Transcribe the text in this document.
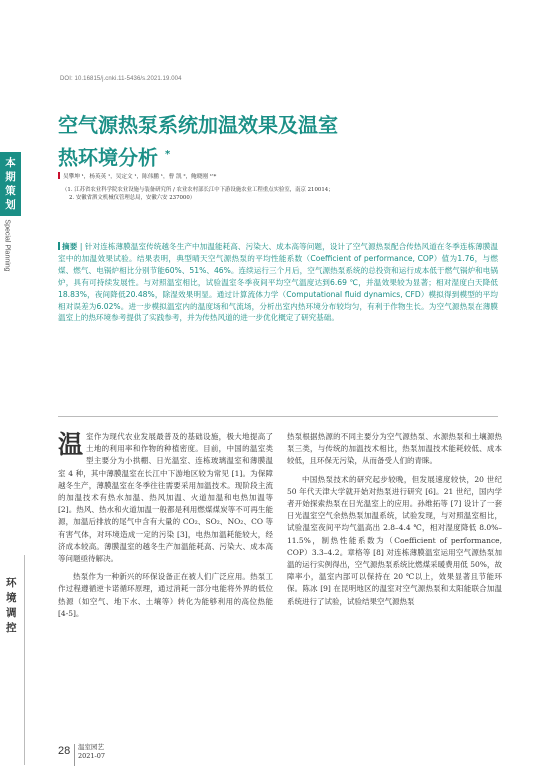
DOI: 10.16815/j.cnki.11-5436/s.2021.19.004
空气源热泵系统加温效果及温室
热环境分析 *
吴攀坤 ¹，杨英英 ¹，吴定文 ¹，陈伟鹏 ¹，曹 凯 ²，鲍晓刚 ¹'*
（1. 江苏省农业科学院农业设施与装备研究所 / 农业农村部长江中下游设施农业工程重点实验室，南京 210014；
2. 安徽省泗文机械仪管理总局，安徽六安 237000）
本期策划
Special Planning
环境调控
摘要 | 针对连栋薄膜温室传统越冬生产中加温能耗高、污染大、成本高等问题，设计了空气源热泵配合传热风道在冬季连栋薄膜温室中的加温效果试验。结果表明，典型晴天空气源热泵的平均性能系数（Coefficient of performance, COP）值为1.76，与燃煤、燃气、电锅炉相比分别节能60%、51%、46%。连续运行三个月后，空气源热泵系统的总投资和运行成本低于燃气锅炉和电锅炉，具有可持续发展性。与对照温室相比，试验温室冬季夜间平均空气温度达到6.69 ℃，并温效果较为显著；相对湿度白天降低18.83%，夜间降低20.48%，除湿效果明显。通过计算流体力学（Computational fluid dynamics, CFD）模拟得到模型的平均相对误差为6.02%。进一步模拟温室内的温度场和气流场，分析出室内热环境分布较均匀，有利于作物生长。为空气源热泵在薄膜温室上的热环境参考提供了实践参考，并为传热风道的进一步优化概定了研究基础。

温室作为现代农业发展最普及的基础设施，极大地提高了土地的利用率和作物的种植密度。目前，中国的温室类型主要分为小拱棚、日光温室、连栋玻璃温室和薄膜温室 4 种，其中薄膜温室在长江中下游地区较为常见 [1]。为保障越冬生产，薄膜温室在冬季往往需要采用加温技术。现阶段主流的加温技术有热水加温、热风加温、火道加温和电热加温等 [2]。热风、热水和火道加温一般都是利用燃煤煤炭等不可再生能源，加温后排放的尾气中含有大量的 CO₂、SO₂、NO₂、CO 等有害气体，对环境造成一定的污染 [3]，电热加温耗能较大，经济成本较高。薄膜温室的越冬生产加温能耗高、污染大、成本高等问题亟待解决。

热泵作为一种新兴的环保设备正在被人们广泛应用。热泵工作过程遵循逆卡诺循环原理，通过消耗一部分电能将外界的低位热源（如空气、地下水、土壤等）转化为能够利用的高位热能 [4-5]。

热泵根据热源的不同主要分为空气源热泵、水源热泵和土壤源热泵三类，与传统的加温技术相比，热泵加温技术能耗较低、成本较低，且环保无污染，从而备受人们的青睐。

中国热泵技术的研究起步较晚，但发展速度较快，20 世纪 50 年代天津大学就开始对热泵进行研究 [6]。21 世纪，国内学者开始探索热泵在日光温室上的应用。孙维拓等 [7] 设计了一套日光温室空气余热热泵加温系统，试验发现，与对照温室相比，试验温室夜间平均气温高出 2.8–4.4 ℃，相对湿度降低 8.0%–11.5%，制热性能系数为（Coefficient of performance, COP）3.3–4.2。章格等 [8] 对连栋薄膜温室运用空气源热泵加温的运行实例得出，空气源热泵系统比燃煤采暖费用低 50%，故障率小，温室内部可以保持在 20 ℃以上，效果显著且节能环保。陈冰 [9] 在昆明地区的温室对空气源热泵和太阳能联合加温系统进行了试验，试验结果空气源热泵

28 温室园艺
2021-07
